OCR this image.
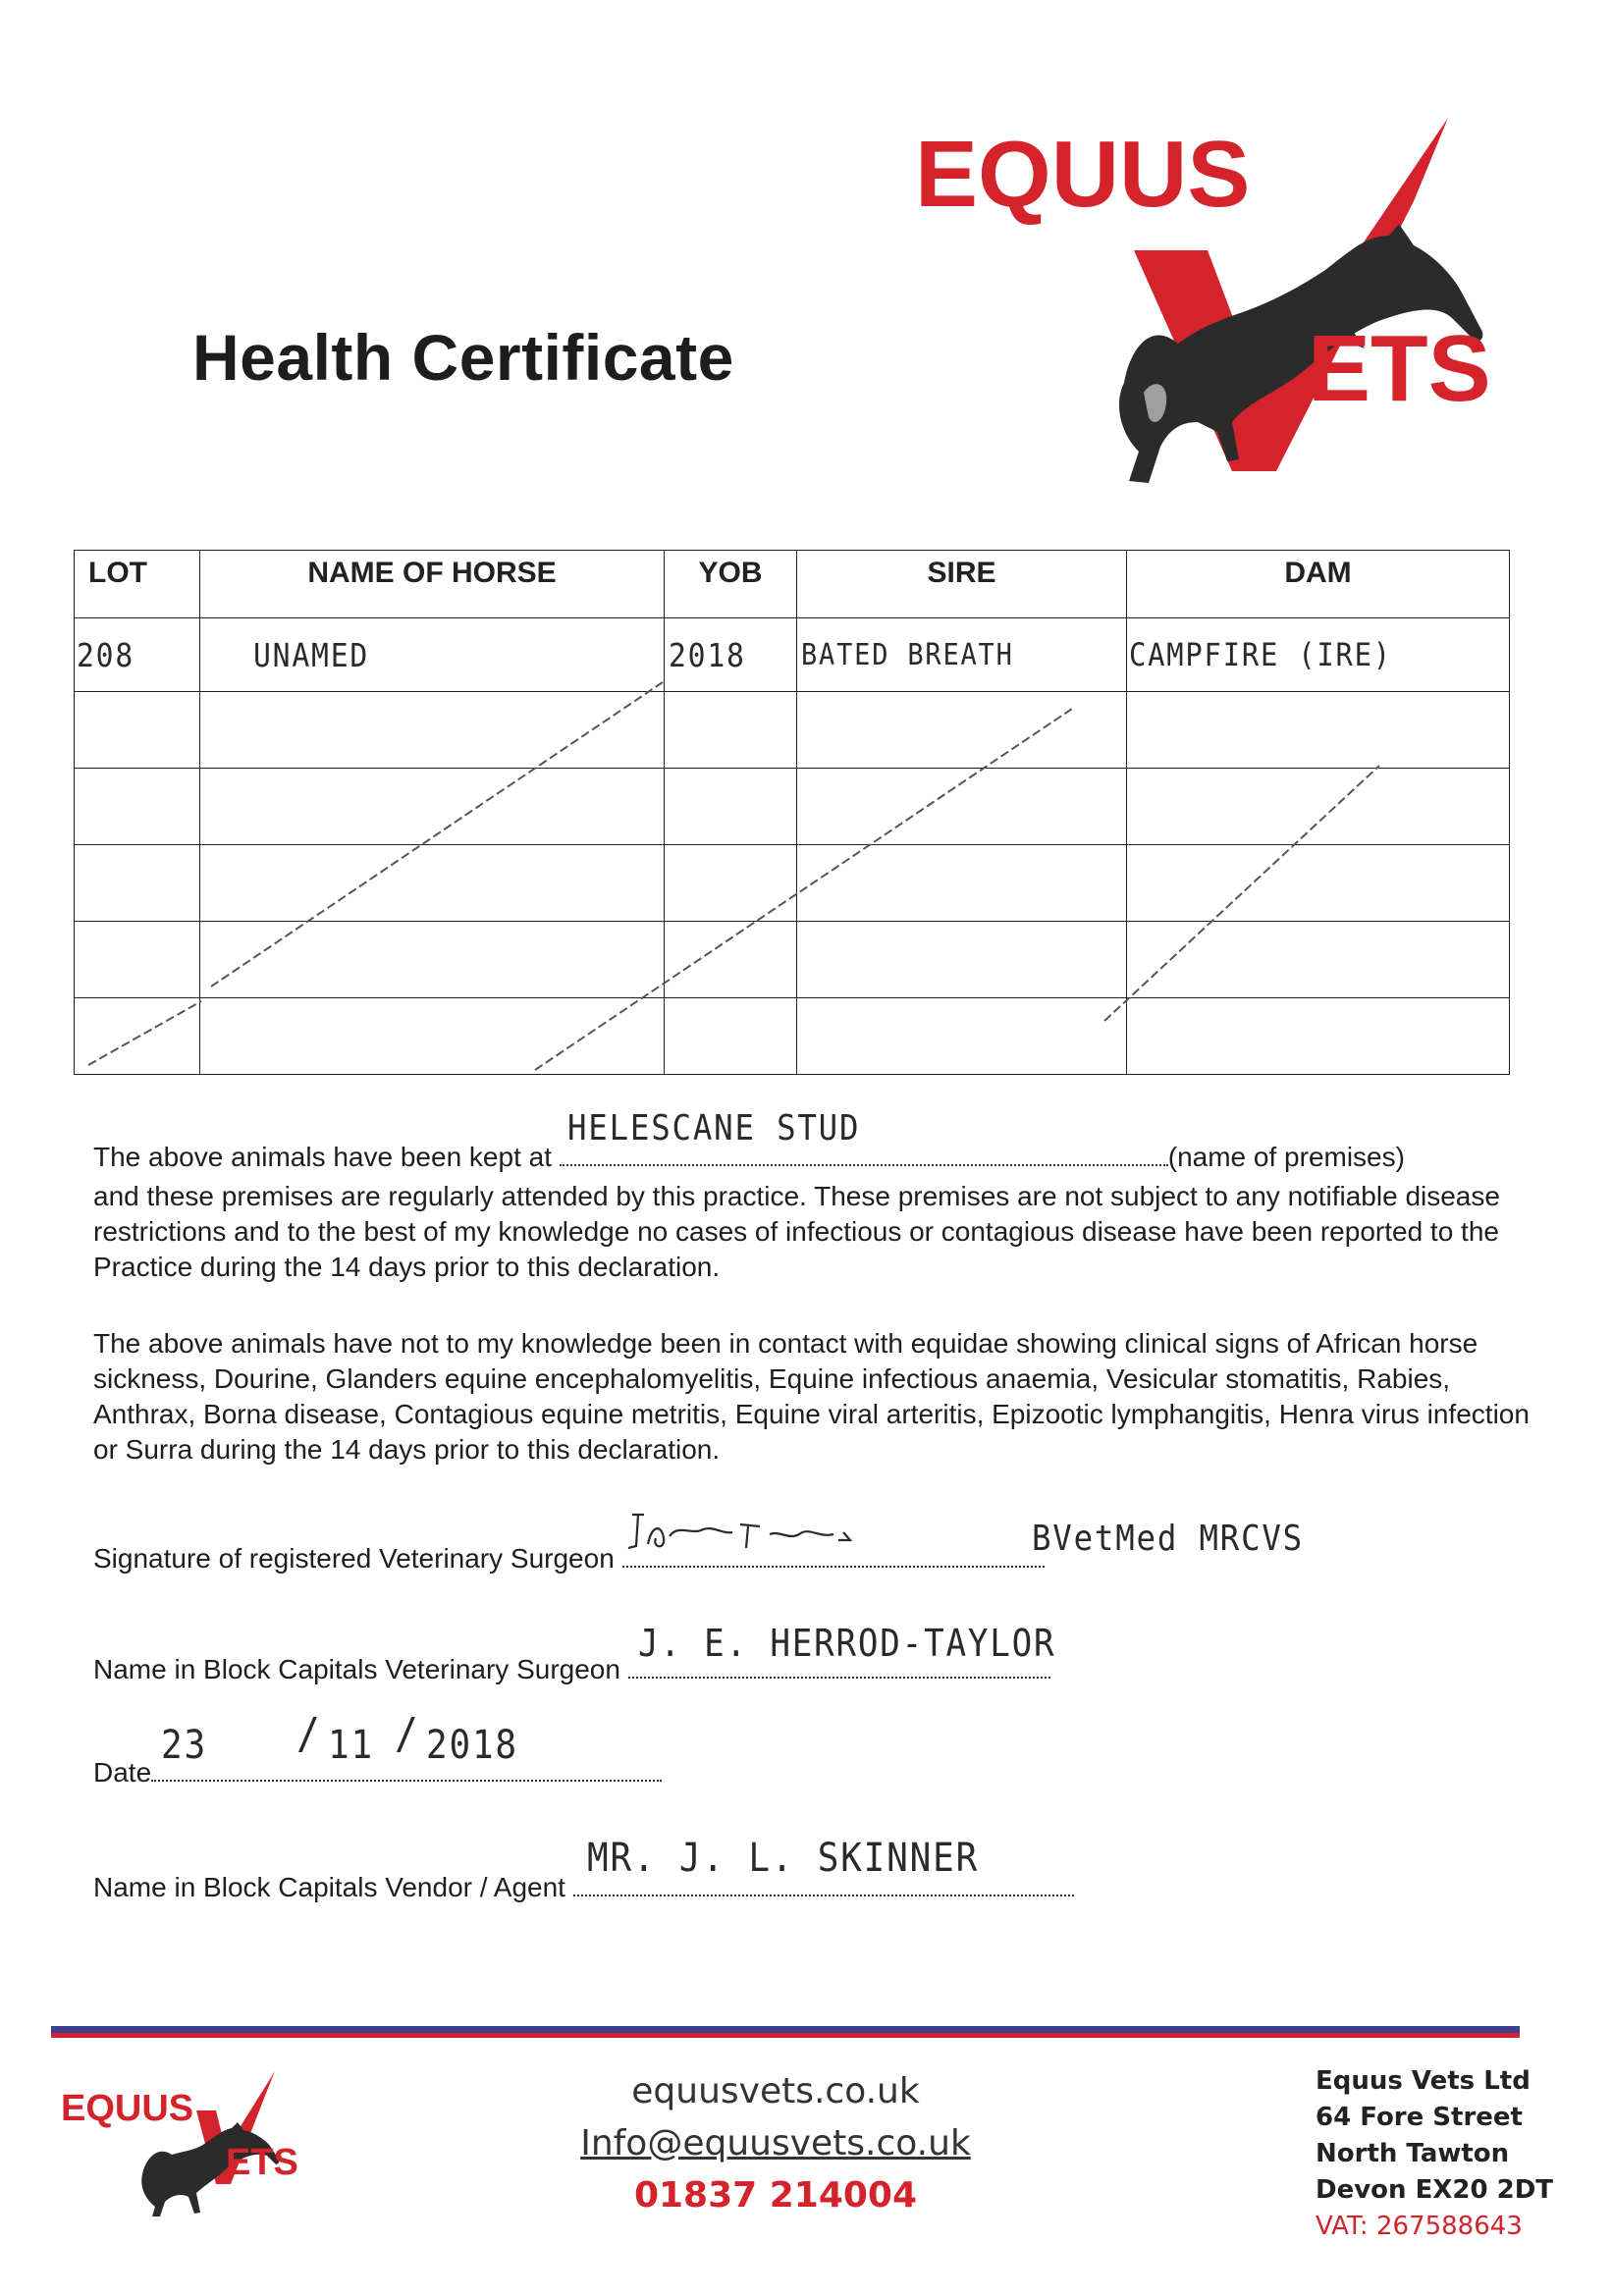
Health Certificate
EQUUS
ETS
LOT	NAME OF HORSE	YOB	SIRE	DAM
208	UNAMED	2018	BATED BREATH	CAMPFIRE (IRE)

The above animals have been kept at
HELESCANE STUD
(name of premises)
and these premises are regularly attended by this practice. These premises are not subject to any notifiable disease restrictions and to the best of my knowledge no cases of infectious or contagious disease have been reported to the Practice during the 14 days prior to this declaration.
The above animals have not to my knowledge been in contact with equidae showing clinical signs of African horse sickness, Dourine, Glanders equine encephalomyelitis, Equine infectious anaemia, Vesicular stomatitis, Rabies, Anthrax, Borna disease, Contagious equine metritis, Equine viral arteritis, Epizootic lymphangitis, Henra virus infection or Surra during the 14 days prior to this declaration.
Signature of registered Veterinary Surgeon	BVetMed MRCVS
Name in Block Capitals Veterinary Surgeon
J. E. HERROD-TAYLOR
Date
23 / 11 / 2018
Name in Block Capitals Vendor / Agent
MR. J. L. SKINNER
EQUUS
ETS
equusvets.co.uk
Info@equusvets.co.uk
01837 214004
Equus Vets Ltd
64 Fore Street
North Tawton
Devon EX20 2DT
VAT: 267588643
